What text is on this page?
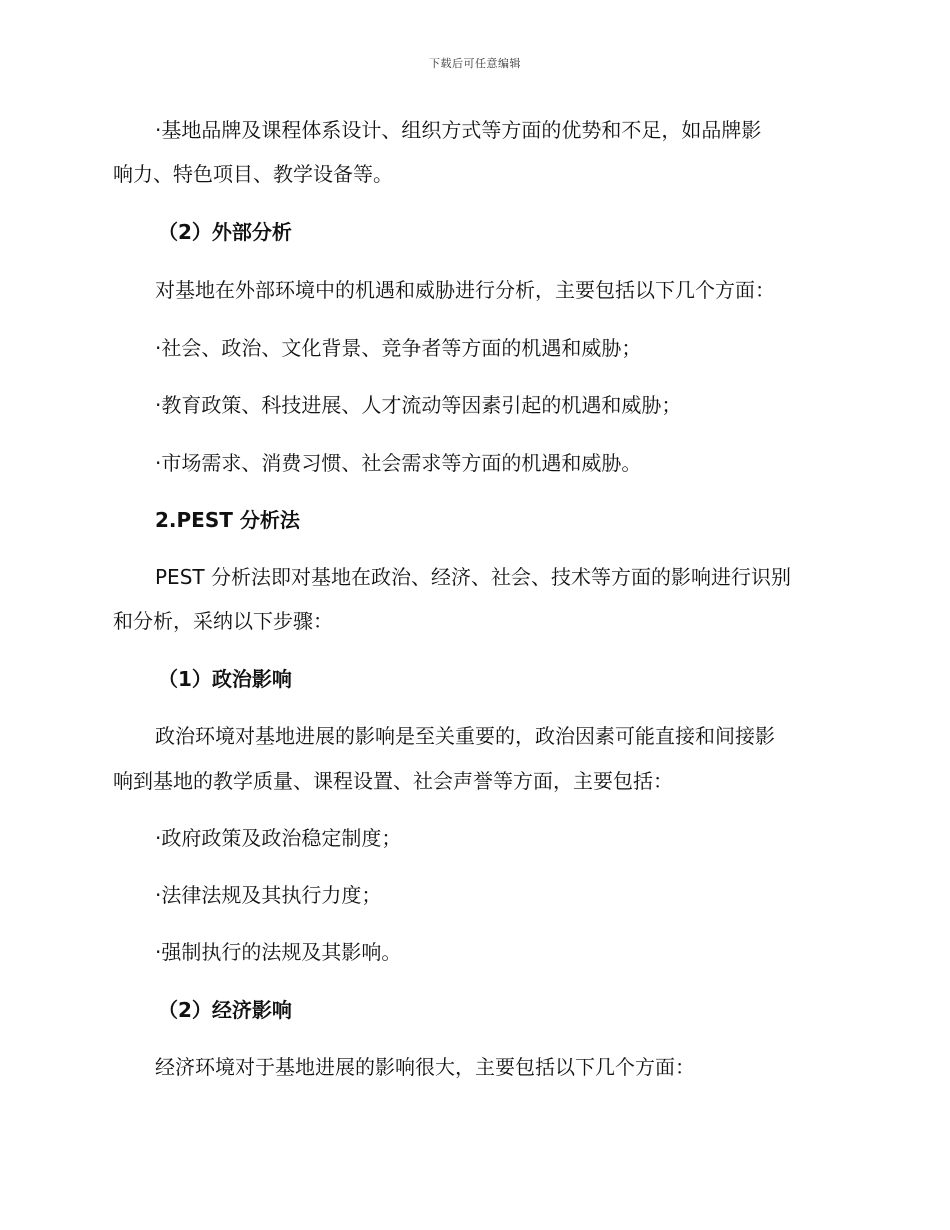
下载后可任意编辑
·基地品牌及课程体系设计、组织方式等方面的优势和不足，如品牌影
响力、特色项目、教学设备等。
（2）外部分析
对基地在外部环境中的机遇和威胁进行分析，主要包括以下几个方面：
·社会、政治、文化背景、竞争者等方面的机遇和威胁；
·教育政策、科技进展、人才流动等因素引起的机遇和威胁；
·市场需求、消费习惯、社会需求等方面的机遇和威胁。
2.PEST 分析法
PEST 分析法即对基地在政治、经济、社会、技术等方面的影响进行识别
和分析，采纳以下步骤：
（1）政治影响
政治环境对基地进展的影响是至关重要的，政治因素可能直接和间接影
响到基地的教学质量、课程设置、社会声誉等方面，主要包括：
·政府政策及政治稳定制度；
·法律法规及其执行力度；
·强制执行的法规及其影响。
（2）经济影响
经济环境对于基地进展的影响很大，主要包括以下几个方面：
